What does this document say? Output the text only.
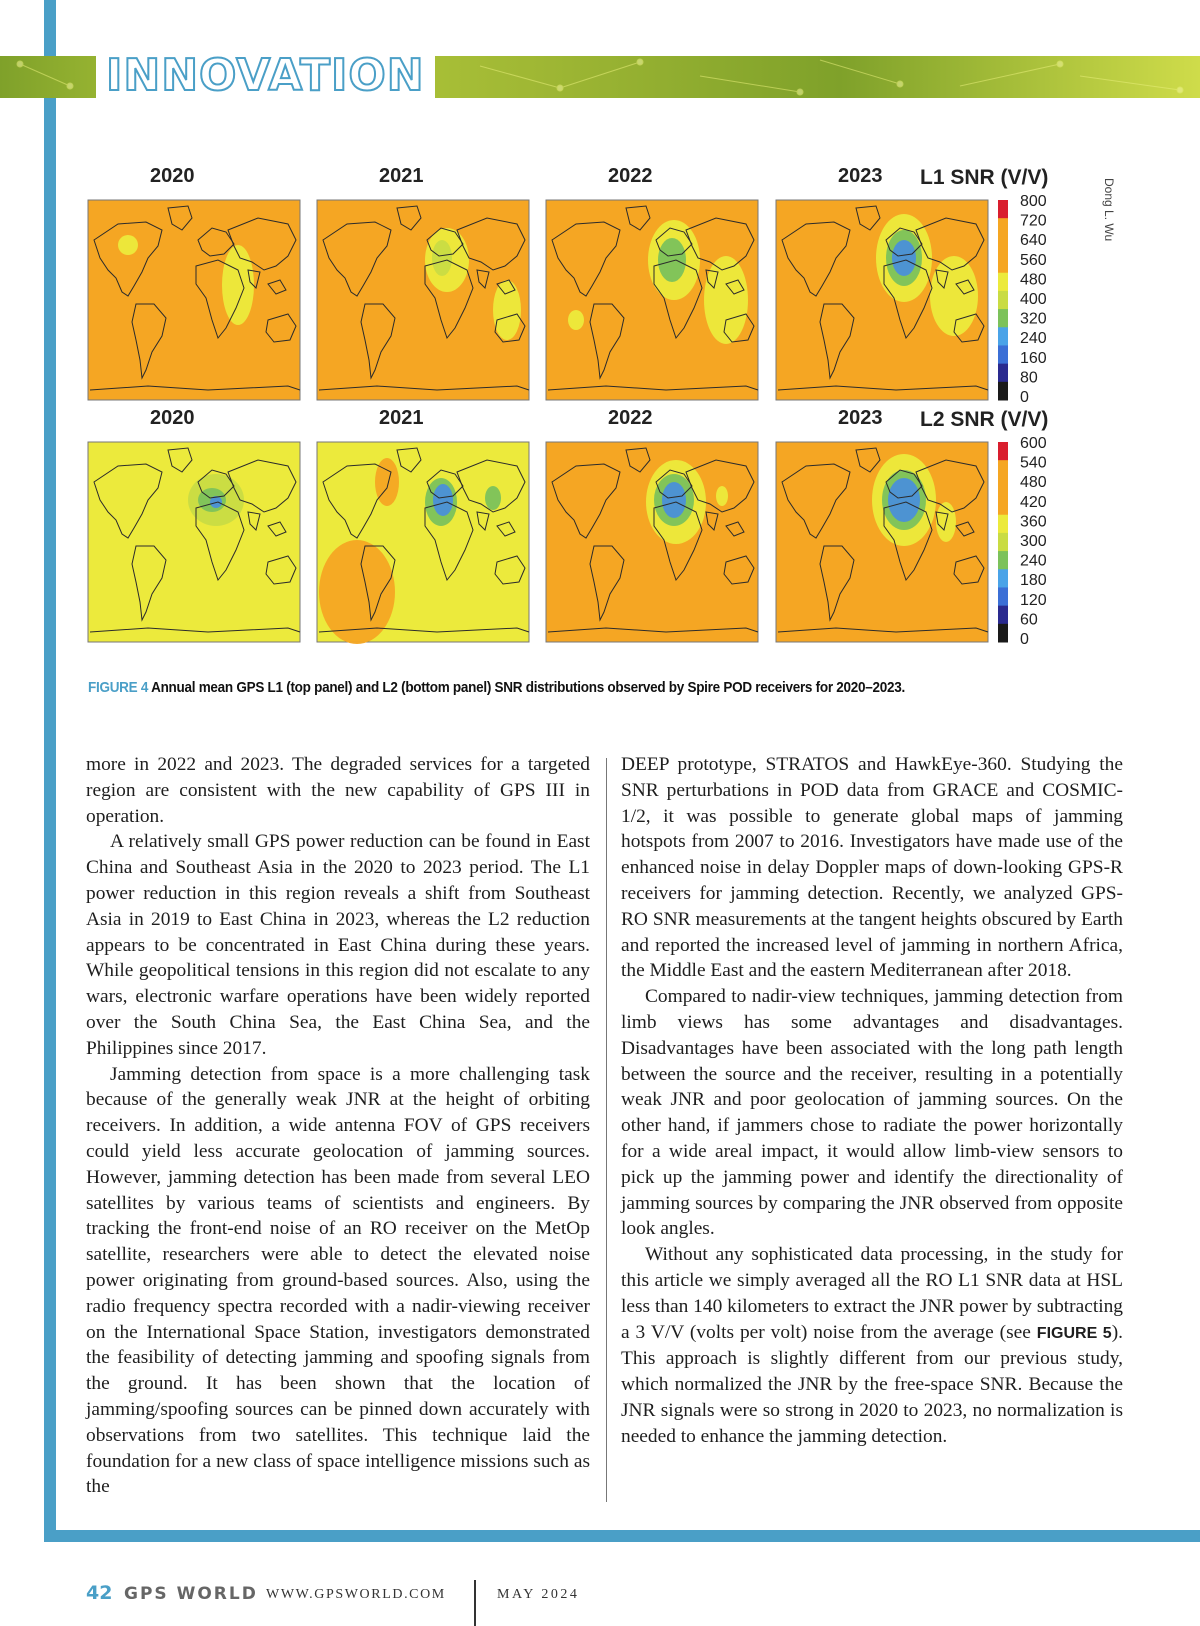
INNOVATION
2020	2021	2022	2023 L1 SNR (V/V)
800
720
640
560
480
400
320
240
160
80
0
2020	2021	2022	2023 L2 SNR (V/V)
600
540
480
420
360
300
240
180
120
60
0
Dong L. Wu
FIGURE 4 Annual mean GPS L1 (top panel) and L2 (bottom panel) SNR distributions observed by Spire POD receivers for 2020–2023.

more in 2022 and 2023. The degraded services for a targeted region are consistent with the new capability of GPS III in operation.

A relatively small GPS power reduction can be found in East China and Southeast Asia in the 2020 to 2023 period. The L1 power reduction in this region reveals a shift from Southeast Asia in 2019 to East China in 2023, whereas the L2 reduction appears to be concentrated in East China during these years. While geopolitical tensions in this region did not escalate to any wars, electronic warfare operations have been widely reported over the South China Sea, the East China Sea, and the Philippines since 2017.

Jamming detection from space is a more challenging task because of the generally weak JNR at the height of orbiting receivers. In addition, a wide antenna FOV of GPS receivers could yield less accurate geolocation of jamming sources. However, jamming detection has been made from several LEO satellites by various teams of scientists and engineers. By tracking the front-end noise of an RO receiver on the MetOp satellite, researchers were able to detect the elevated noise power originating from ground-based sources. Also, using the radio frequency spectra recorded with a nadir-viewing receiver on the International Space Station, investigators demonstrated the feasibility of detecting jamming and spoofing signals from the ground. It has been shown that the location of jamming/spoofing sources can be pinned down accurately with observations from two satellites. This technique laid the foundation for a new class of space intelligence missions such as the

DEEP prototype, STRATOS and HawkEye-360. Studying the SNR perturbations in POD data from GRACE and COSMIC-1/2, it was possible to generate global maps of jamming hotspots from 2007 to 2016. Investigators have made use of the enhanced noise in delay Doppler maps of down-looking GPS-R receivers for jamming detection. Recently, we analyzed GPS-RO SNR measurements at the tangent heights obscured by Earth and reported the increased level of jamming in northern Africa, the Middle East and the eastern Mediterranean after 2018.

Compared to nadir-view techniques, jamming detection from limb views has some advantages and disadvantages. Disadvantages have been associated with the long path length between the source and the receiver, resulting in a potentially weak JNR and poor geolocation of jamming sources. On the other hand, if jammers chose to radiate the power horizontally for a wide areal impact, it would allow limb-view sensors to pick up the jamming power and identify the directionality of jamming sources by comparing the JNR observed from opposite look angles.

Without any sophisticated data processing, in the study for this article we simply averaged all the RO L1 SNR data at HSL less than 140 kilometers to extract the JNR power by subtracting a 3 V/V (volts per volt) noise from the average (see FIGURE 5). This approach is slightly different from our previous study, which normalized the JNR by the free-space SNR. Because the JNR signals were so strong in 2020 to 2023, no normalization is needed to enhance the jamming detection.

42 GPS WORLD WWW.GPSWORLD.COM	MAY 2024
